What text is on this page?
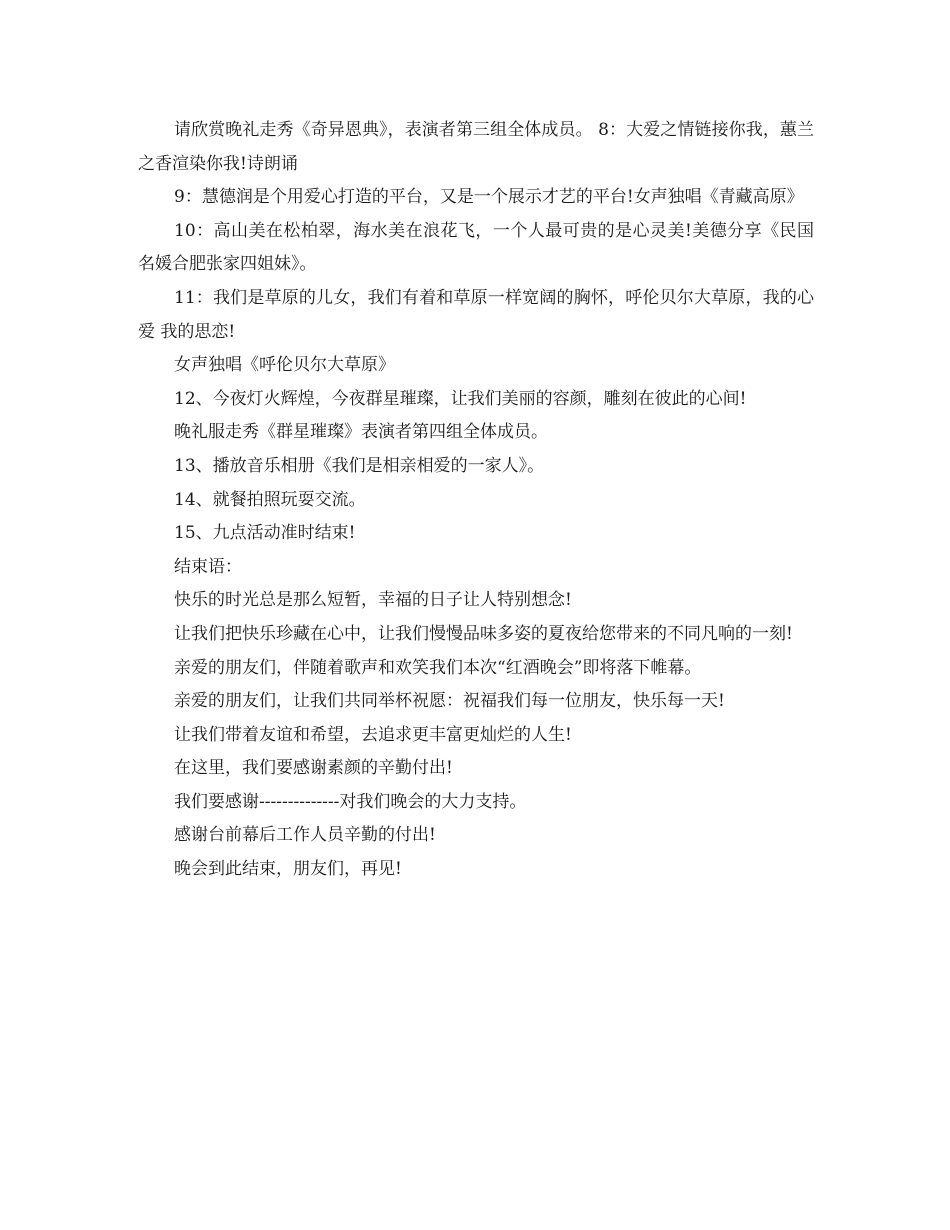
请欣赏晚礼走秀《奇异恩典》，表演者第三组全体成员。 8：大爱之情链接你我，蕙兰之香渲染你我!诗朗诵

9：慧德润是个用爱心打造的平台，又是一个展示才艺的平台!女声独唱《青藏高原》

10：高山美在松柏翠，海水美在浪花飞，一个人最可贵的是心灵美!美德分享《民国名媛合肥张家四姐妹》。

11：我们是草原的儿女，我们有着和草原一样宽阔的胸怀，呼伦贝尔大草原，我的心爱 我的思恋!

女声独唱《呼伦贝尔大草原》

12、今夜灯火辉煌，今夜群星璀璨，让我们美丽的容颜，雕刻在彼此的心间!

晚礼服走秀《群星璀璨》表演者第四组全体成员。

13、播放音乐相册《我们是相亲相爱的一家人》。

14、就餐拍照玩耍交流。

15、九点活动准时结束!

结束语：

快乐的时光总是那么短暂，幸福的日子让人特别想念!

让我们把快乐珍藏在心中，让我们慢慢品味多姿的夏夜给您带来的不同凡响的一刻!

亲爱的朋友们，伴随着歌声和欢笑我们本次“红酒晚会”即将落下帷幕。

亲爱的朋友们，让我们共同举杯祝愿：祝福我们每一位朋友，快乐每一天!

让我们带着友谊和希望，去追求更丰富更灿烂的人生!

在这里，我们要感谢素颜的辛勤付出!

我们要感谢--------------对我们晚会的大力支持。

感谢台前幕后工作人员辛勤的付出!

晚会到此结束，朋友们，再见!
